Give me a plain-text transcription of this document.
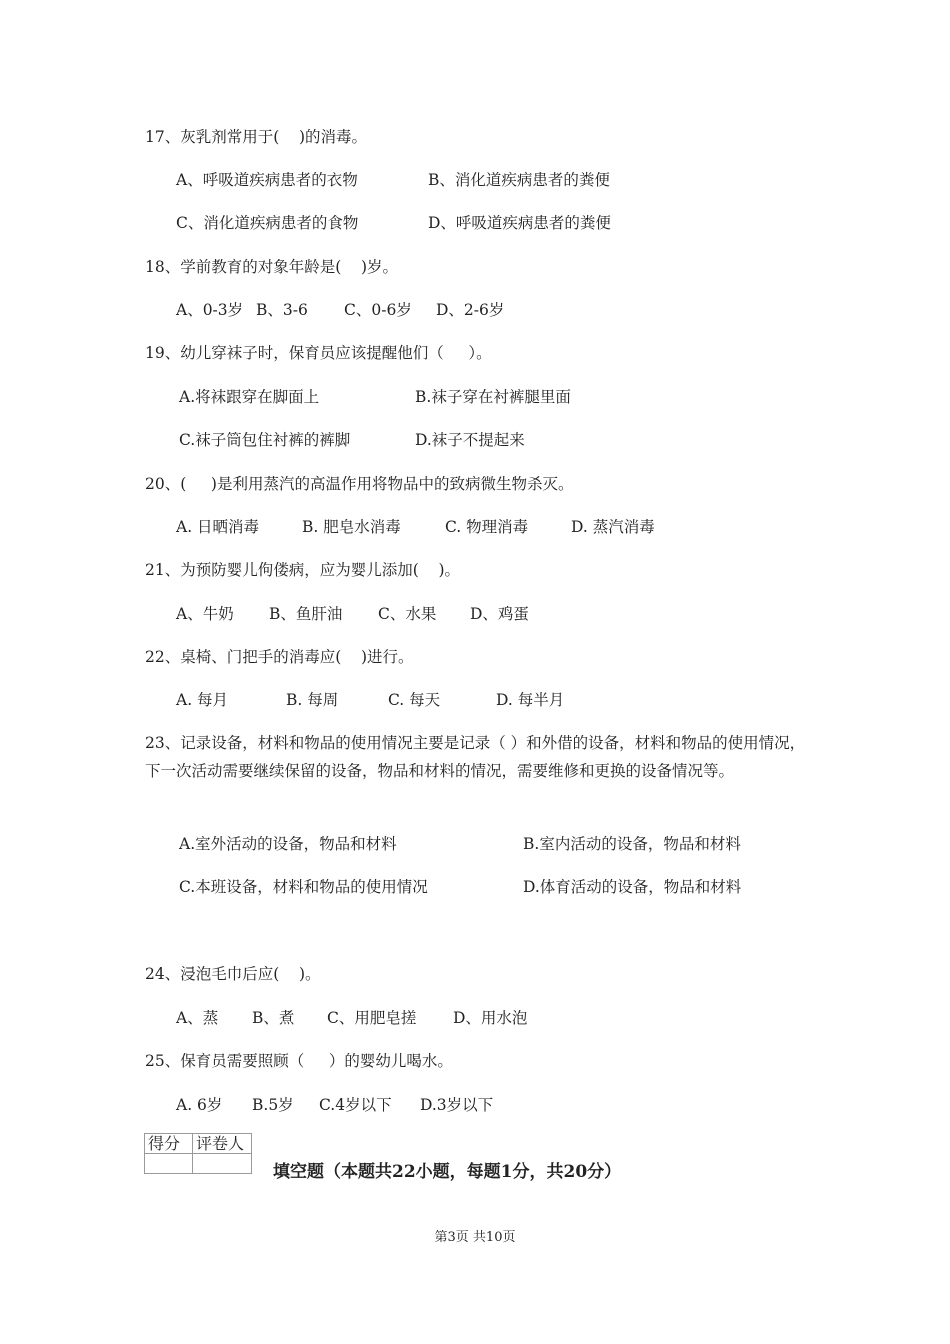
17、灰乳剂常用于(    )的消毒。
A、呼吸道疾病患者的衣物	B、消化道疾病患者的粪便
C、消化道疾病患者的食物	D、呼吸道疾病患者的粪便
18、学前教育的对象年龄是(    )岁。
A、0-3岁 B、3-6 C、0-6岁 D、2-6岁
19、幼儿穿袜子时，保育员应该提醒他们（     ）。
A.将袜跟穿在脚面上	B.袜子穿在衬裤腿里面
C.袜子筒包住衬裤的裤脚	D.袜子不提起来
20、(     )是利用蒸汽的高温作用将物品中的致病微生物杀灭。
A. 日晒消毒	B. 肥皂水消毒	C. 物理消毒	D. 蒸汽消毒
21、为预防婴儿佝偻病，应为婴儿添加(    )。
A、牛奶 B、鱼肝油 C、水果 D、鸡蛋
22、桌椅、门把手的消毒应(    )进行。
A. 每月	B. 每周	C. 每天	D. 每半月
23、记录设备，材料和物品的使用情况主要是记录（ ）和外借的设备，材料和物品的使用情况，下一次活动需要继续保留的设备，物品和材料的情况，需要维修和更换的设备情况等。
A.室外活动的设备，物品和材料	B.室内活动的设备，物品和材料
C.本班设备，材料和物品的使用情况	D.体育活动的设备，物品和材料
24、浸泡毛巾后应(    )。
A、蒸 B、煮 C、用肥皂搓 D、用水泡
25、保育员需要照顾（     ）的婴幼儿喝水。
A. 6岁 B.5岁 C.4岁以下 D.3岁以下
得分	评卷人

填空题（本题共22小题，每题1分，共20分）
第3页 共10页
